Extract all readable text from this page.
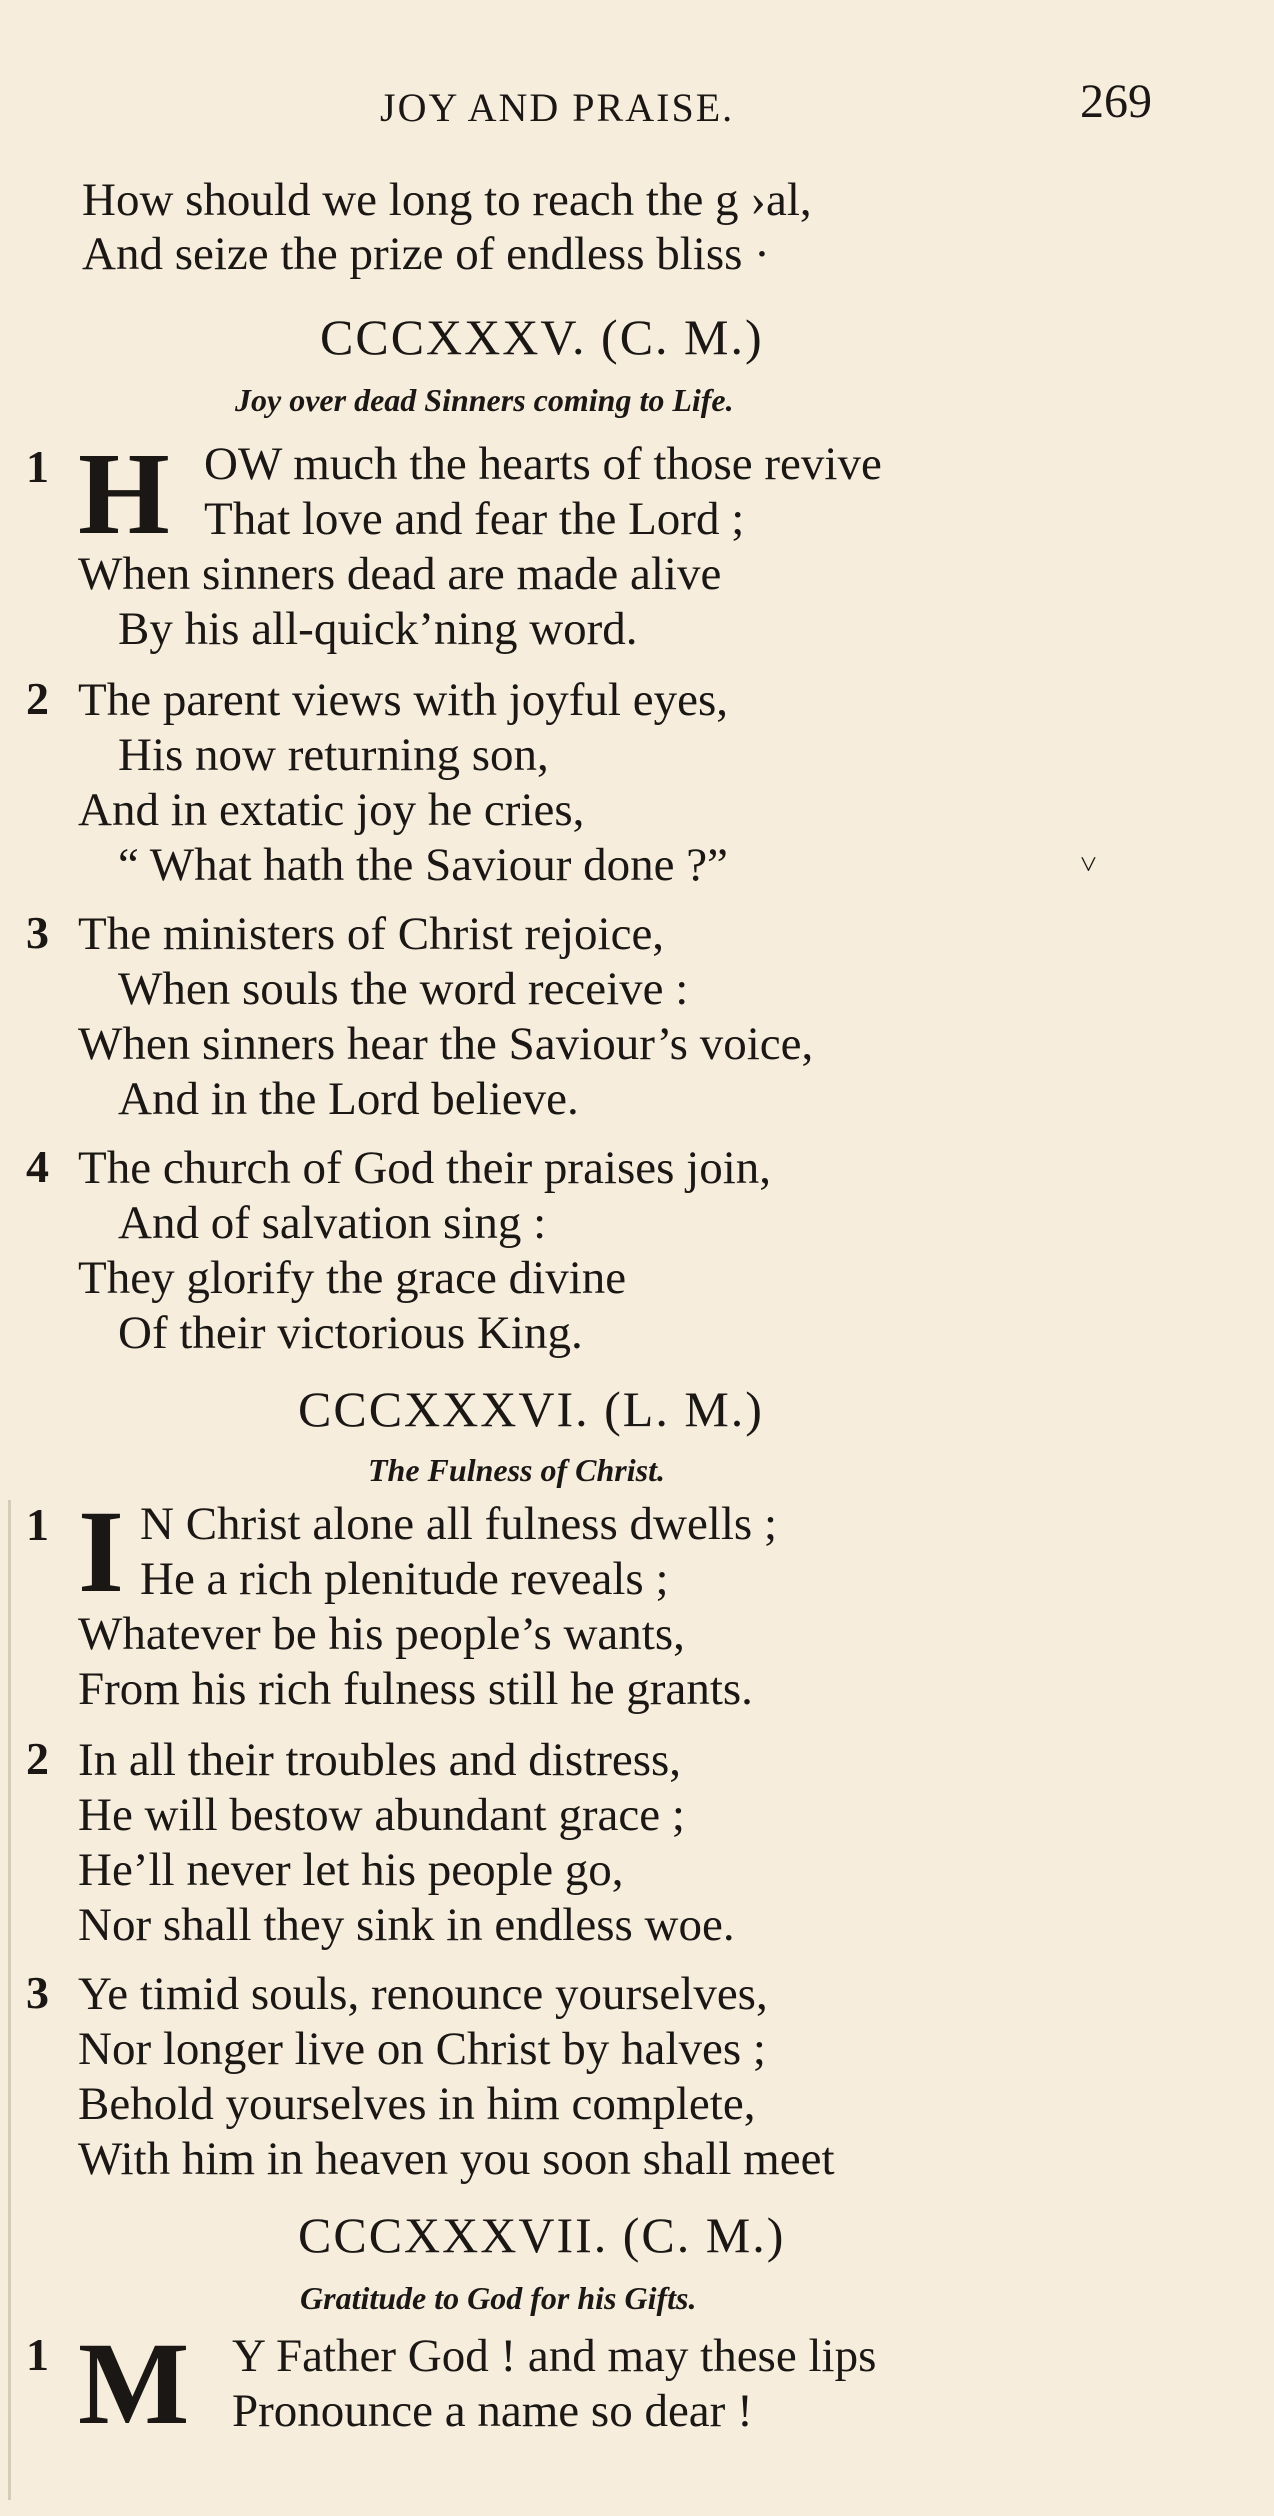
JOY AND PRAISE.	269
How should we long to reach the g ›al,
And seize the prize of endless bliss ·
CCCXXXV. (C. M.)
Joy over dead Sinners coming to Life.
1 H OW much the hearts of those revive
That love and fear the Lord ;
When sinners dead are made alive
By his all-quick’ning word.
2 The parent views with joyful eyes,
His now returning son,
And in extatic joy he cries,
“ What hath the Saviour done ?”	˅
3 The ministers of Christ rejoice,
When souls the word receive :
When sinners hear the Saviour’s voice,
And in the Lord believe.
4 The church of God their praises join,
And of salvation sing :
They glorify the grace divine
Of their victorious King.
CCCXXXVI. (L. M.)
The Fulness of Christ.
1 I N Christ alone all fulness dwells ;
He a rich plenitude reveals ;
Whatever be his people’s wants,
From his rich fulness still he grants.
2 In all their troubles and distress,
He will bestow abundant grace ;
He’ll never let his people go,
Nor shall they sink in endless woe.
3 Ye timid souls, renounce yourselves,
Nor longer live on Christ by halves ;
Behold yourselves in him complete,
With him in heaven you soon shall meet
CCCXXXVII. (C. M.)
Gratitude to God for his Gifts.
1 M Y Father God ! and may these lips
Pronounce a name so dear !
